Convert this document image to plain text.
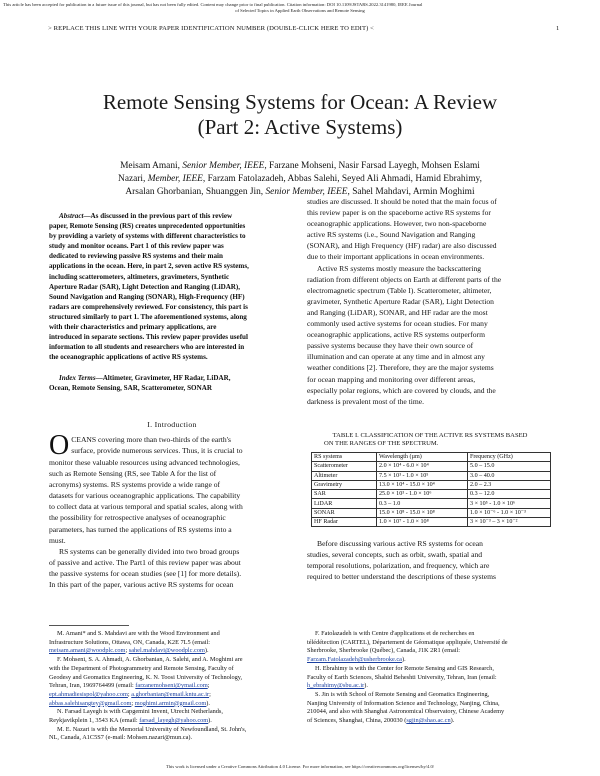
This article has been accepted for publication in a future issue of this journal, but has not been fully edited. Content may change prior to final publication. Citation information: DOI 10.1109/JSTARS.2022.3141980, IEEE Journal
of Selected Topics in Applied Earth Observations and Remote Sensing
> REPLACE THIS LINE WITH YOUR PAPER IDENTIFICATION NUMBER (DOUBLE-CLICK HERE TO EDIT) <	1
Remote Sensing Systems for Ocean: A Review
(Part 2: Active Systems)
Meisam Amani, Senior Member, IEEE, Farzane Mohseni, Nasir Farsad Layegh, Mohsen Eslami
Nazari, Member, IEEE, Farzam Fatolazadeh, Abbas Salehi, Seyed Ali Ahmadi, Hamid Ebrahimy,
Arsalan Ghorbanian, Shuanggen Jin, Senior Member, IEEE, Sahel Mahdavi, Armin Moghimi
Abstract—As discussed in the previous part of this review
paper, Remote Sensing (RS) creates unprecedented opportunities
by providing a variety of systems with different characteristics to
study and monitor oceans. Part 1 of this review paper was
dedicated to reviewing passive RS systems and their main
applications in the ocean. Here, in part 2, seven active RS systems,
including scatterometers, altimeters, gravimeters, Synthetic
Aperture Radar (SAR), Light Detection and Ranging (LiDAR),
Sound Navigation and Ranging (SONAR), High-Frequency (HF)
radars are comprehensively reviewed. For consistency, this part is
structured similarly to part 1. The aforementioned systems, along
with their characteristics and primary applications, are
introduced in separate sections. This review paper provides useful
information to all students and researchers who are interested in
the oceanographic applications of active RS systems.
Index Terms—Altimeter, Gravimeter, HF Radar, LiDAR,
Ocean, Remote Sensing, SAR, Scatterometer, SONAR
I. Introduction
O CEANS covering more than two-thirds of the earth's
surface, provide numerous services. Thus, it is crucial to
monitor these valuable resources using advanced technologies,
such as Remote Sensing (RS, see Table A for the list of
acronyms) systems. RS systems provide a wide range of
datasets for various oceanographic applications. The capability
to collect data at various temporal and spatial scales, along with
the possibility for retrospective analyses of oceanographic
parameters, has turned the applications of RS systems into a
must.
RS systems can be generally divided into two broad groups
of passive and active. The Part1 of this review paper was about
the passive systems for ocean studies (see [1] for more details).
In this part of the paper, various active RS systems for ocean
studies are discussed. It should be noted that the main focus of
this review paper is on the spaceborne active RS systems for
oceanographic applications. However, two non-spaceborne
active RS systems (i.e., Sound Navigation and Ranging
(SONAR), and High Frequency (HF) radar) are also discussed
due to their important applications in ocean environments.
Active RS systems mostly measure the backscattering
radiation from different objects on Earth at different parts of the
electromagnetic spectrum (Table I). Scatterometer, altimeter,
gravimeter, Synthetic Aperture Radar (SAR), Light Detection
and Ranging (LiDAR), SONAR, and HF radar are the most
commonly used active systems for ocean studies. For many
oceanographic applications, active RS systems outperform
passive systems because they have their own source of
illumination and can operate at any time and in almost any
weather conditions [2]. Therefore, they are the major systems
for ocean mapping and monitoring over different areas,
especially polar regions, which are covered by clouds, and the
darkness is prevalent most of the time.
TABLE I. CLASSIFICATION OF THE ACTIVE RS SYSTEMS BASED
ON THE RANGES OF THE SPECTRUM.
RS systems	Wavelength (µm)	Frequency (GHz)
Scatterometer	2.0 × 10⁴ - 6.0 × 10⁴	5.0 – 15.0
Altimeter	7.5 × 10³ - 1.0 × 10⁵	3.0 – 40.0
Gravimetry	13.0 × 10⁴ - 15.0 × 10⁴	2.0 – 2.3
SAR	25.0 × 10³ - 1.0 × 10⁶	0.3 – 12.0
LiDAR	0.3 – 1.0	3 × 10⁵ - 1.0 × 10⁶
SONAR	15.0 × 10⁸ - 15.0 × 10⁸	1.0 × 10⁻⁶ - 1.0 × 10⁻³
HF Radar	1.0 × 10⁷ - 1.0 × 10⁸	3 × 10⁻³ – 3 × 10⁻²
Before discussing various active RS systems for ocean
studies, several concepts, such as orbit, swath, spatial and
temporal resolutions, polarization, and frequency, which are
required to better understand the descriptions of these systems
M. Amani* and S. Mahdavi are with the Wood Environment and
Infrastructure Solutions, Ottawa, ON, Canada, K2E 7L5 (email:
meisam.amani@woodplc.com; sahel.mahdavi@woodplc.com).
F. Mohseni, S. A. Ahmadi, A. Ghorbanian, A. Salehi, and A. Moghimi are
with the Department of Photogrammetry and Remote Sensing, Faculty of
Geodesy and Geomatics Engineering, K. N. Toosi University of Technology,
Tehran, Iran, 1969764499 (email: farzanemohseni@ymail.com;
ept.ahmadiesispol@yahoo.com; a.ghorbanian@email.kntu.ac.ir;
abbas.salehisangtey@gmail.com; moghimi.armin@gmail.com).
N. Farsad Layegh is with Capgemini Invent, Utrecht Netherlands,
Reykjavikplein 1, 3543 KA (email: farsad_layegh@yahoo.com).
M. E. Nazari is with the Memorial University of Newfoundland, St. John's,
NL, Canada, A1C5S7 (e-mail: Mohsen.nazari@mun.ca).
F. Fatolazadeh is with Centre d'applications et de recherches en
télédétection (CARTEL), Département de Géomatique appliquée, Université de
Sherbrooke, Sherbrooke (Québec), Canada, J1K 2R1 (email:
Farzam.Fatolazadeh@usherbrooke.ca).
H. Ebrahimy is with the Center for Remote Sensing and GIS Research,
Faculty of Earth Sciences, Shahid Beheshti University, Tehran, Iran (email:
h_ebrahimy@sbu.ac.ir).
S. Jin is with School of Remote Sensing and Geomatics Engineering,
Nanjing University of Information Science and Technology, Nanjing, China,
210044, and also with Shanghai Astronomical Observatory, Chinese Academy
of Sciences, Shanghai, China, 200030 (sgjin@shao.ac.cn).
This work is licensed under a Creative Commons Attribution 4.0 License. For more information, see https://creativecommons.org/licenses/by/4.0/
